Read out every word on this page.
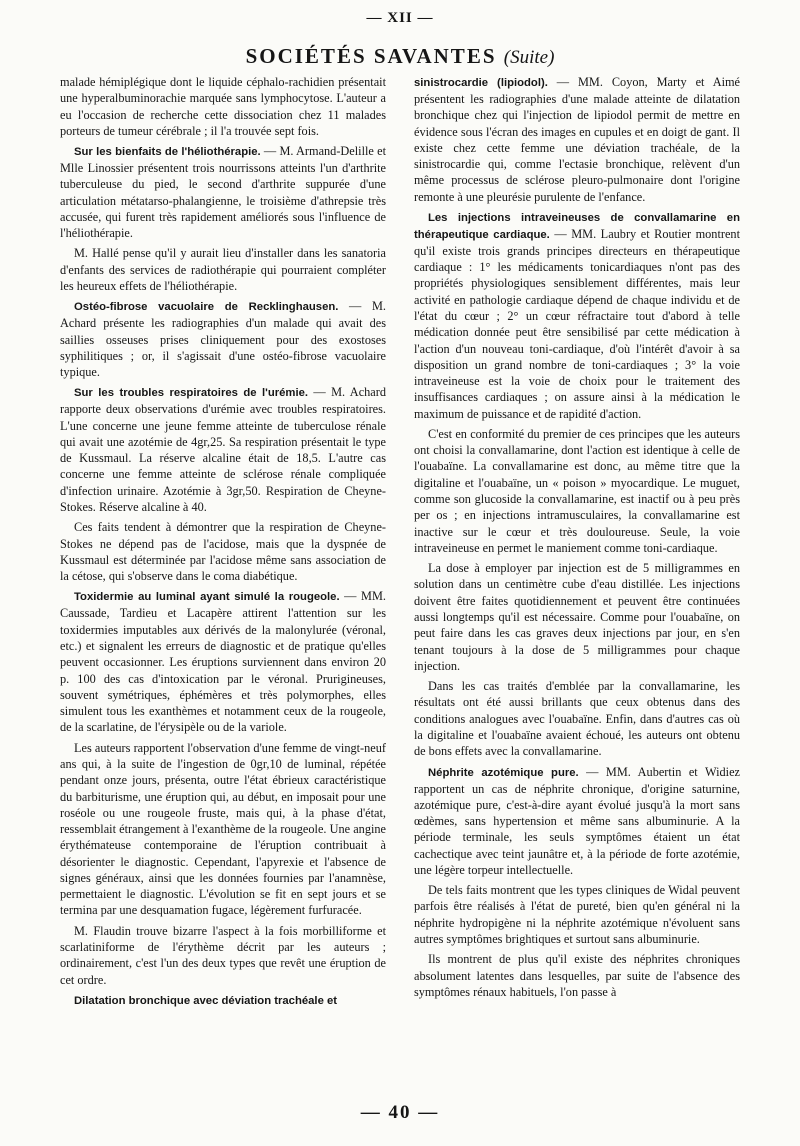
— XII —
SOCIÉTÉS SAVANTES (Suite)

malade hémiplégique dont le liquide céphalo-rachidien présentait une hyperalbuminorachie marquée sans lymphocytose. L'auteur a eu l'occasion de recherche cette dissociation chez 11 malades porteurs de tumeur cérébrale ; il l'a trouvée sept fois.

Sur les bienfaits de l'héliothérapie. — M. Armand-Delille et Mlle Linossier présentent trois nourrissons atteints l'un d'arthrite tuberculeuse du pied, le second d'arthrite suppurée d'une articulation métatarso-phalangienne, le troisième d'athrepsie très accusée, qui furent très rapidement améliorés sous l'influence de l'héliothérapie.

M. Hallé pense qu'il y aurait lieu d'installer dans les sanatoria d'enfants des services de radiothérapie qui pourraient compléter les heureux effets de l'héliothérapie.

Ostéo-fibrose vacuolaire de Recklinghausen. — M. Achard présente les radiographies d'un malade qui avait des saillies osseuses prises cliniquement pour des exostoses syphilitiques ; or, il s'agissait d'une ostéo-fibrose vacuolaire typique.

Sur les troubles respiratoires de l'urémie. — M. Achard rapporte deux observations d'urémie avec troubles respiratoires. L'une concerne une jeune femme atteinte de tuberculose rénale qui avait une azotémie de 4gr,25. Sa respiration présentait le type de Kussmaul. La réserve alcaline était de 18,5. L'autre cas concerne une femme atteinte de sclérose rénale compliquée d'infection urinaire. Azotémie à 3gr,50. Respiration de Cheyne-Stokes. Réserve alcaline à 40.

Ces faits tendent à démontrer que la respiration de Cheyne-Stokes ne dépend pas de l'acidose, mais que la dyspnée de Kussmaul est déterminée par l'acidose même sans association de la cétose, qui s'observe dans le coma diabétique.

Toxidermie au luminal ayant simulé la rougeole. — MM. Caussade, Tardieu et Lacapère attirent l'attention sur les toxidermies imputables aux dérivés de la malonylurée (véronal, etc.) et signalent les erreurs de diagnostic et de pratique qu'elles peuvent occasionner. Les éruptions surviennent dans environ 20 p. 100 des cas d'intoxication par le véronal. Prurigineuses, souvent symétriques, éphémères et très polymorphes, elles simulent tous les exanthèmes et notamment ceux de la rougeole, de la scarlatine, de l'érysipèle ou de la variole.

Les auteurs rapportent l'observation d'une femme de vingt-neuf ans qui, à la suite de l'ingestion de 0gr,10 de luminal, répétée pendant onze jours, présenta, outre l'état ébrieux caractéristique du barbiturisme, une éruption qui, au début, en imposait pour une roséole ou une rougeole fruste, mais qui, à la phase d'état, ressemblait étrangement à l'exanthème de la rougeole. Une angine érythémateuse contemporaine de l'éruption contribuait à désorienter le diagnostic. Cependant, l'apyrexie et l'absence de signes généraux, ainsi que les données fournies par l'anamnèse, permettaient le diagnostic. L'évolution se fit en sept jours et se termina par une desquamation fugace, légèrement furfuracée.

M. Flaudin trouve bizarre l'aspect à la fois morbilliforme et scarlatiniforme de l'érythème décrit par les auteurs ; ordinairement, c'est l'un des deux types que revêt une éruption de cet ordre.

Dilatation bronchique avec déviation trachéale et

sinistrocardie (lipiodol). — MM. Coyon, Marty et Aimé présentent les radiographies d'une malade atteinte de dilatation bronchique chez qui l'injection de lipiodol permit de mettre en évidence sous l'écran des images en cupules et en doigt de gant. Il existe chez cette femme une déviation trachéale, de la sinistrocardie qui, comme l'ectasie bronchique, relèvent d'un même processus de sclérose pleuro-pulmonaire dont l'origine remonte à une pleurésie purulente de l'enfance.

Les injections intraveineuses de convallamarine en thérapeutique cardiaque. — MM. Laubry et Routier montrent qu'il existe trois grands principes directeurs en thérapeutique cardiaque : 1° les médicaments tonicardiaques n'ont pas des propriétés physiologiques sensiblement différentes, mais leur activité en pathologie cardiaque dépend de chaque individu et de l'état du cœur ; 2° un cœur réfractaire tout d'abord à telle médication donnée peut être sensibilisé par cette médication à l'action d'un nouveau toni-cardiaque, d'où l'intérêt d'avoir à sa disposition un grand nombre de toni-cardiaques ; 3° la voie intraveineuse est la voie de choix pour le traitement des insuffisances cardiaques ; on assure ainsi à la médication le maximum de puissance et de rapidité d'action.

C'est en conformité du premier de ces principes que les auteurs ont choisi la convallamarine, dont l'action est identique à celle de l'ouabaïne. La convallamarine est donc, au même titre que la digitaline et l'ouabaïne, un « poison » myocardique. Le muguet, comme son glucoside la convallamarine, est inactif ou à peu près per os ; en injections intramusculaires, la convallamarine est inactive sur le cœur et très douloureuse. Seule, la voie intraveineuse en permet le maniement comme toni-cardiaque.

La dose à employer par injection est de 5 milligrammes en solution dans un centimètre cube d'eau distillée. Les injections doivent être faites quotidiennement et peuvent être continuées aussi longtemps qu'il est nécessaire. Comme pour l'ouabaïne, on peut faire dans les cas graves deux injections par jour, en s'en tenant toujours à la dose de 5 milligrammes pour chaque injection.

Dans les cas traités d'emblée par la convallamarine, les résultats ont été aussi brillants que ceux obtenus dans des conditions analogues avec l'ouabaïne. Enfin, dans d'autres cas où la digitaline et l'ouabaïne avaient échoué, les auteurs ont obtenu de bons effets avec la convallamarine.

Néphrite azotémique pure. — MM. Aubertin et Widiez rapportent un cas de néphrite chronique, d'origine saturnine, azotémique pure, c'est-à-dire ayant évolué jusqu'à la mort sans œdèmes, sans hypertension et même sans albuminurie. A la période terminale, les seuls symptômes étaient un état cachectique avec teint jaunâtre et, à la période de forte azotémie, une légère torpeur intellectuelle.

De tels faits montrent que les types cliniques de Widal peuvent parfois être réalisés à l'état de pureté, bien qu'en général ni la néphrite hydropigène ni la néphrite azotémique n'évoluent sans autres symptômes brightiques et surtout sans albuminurie.

Ils montrent de plus qu'il existe des néphrites chroniques absolument latentes dans lesquelles, par suite de l'absence des symptômes rénaux habituels, l'on passe à

— 40 —
